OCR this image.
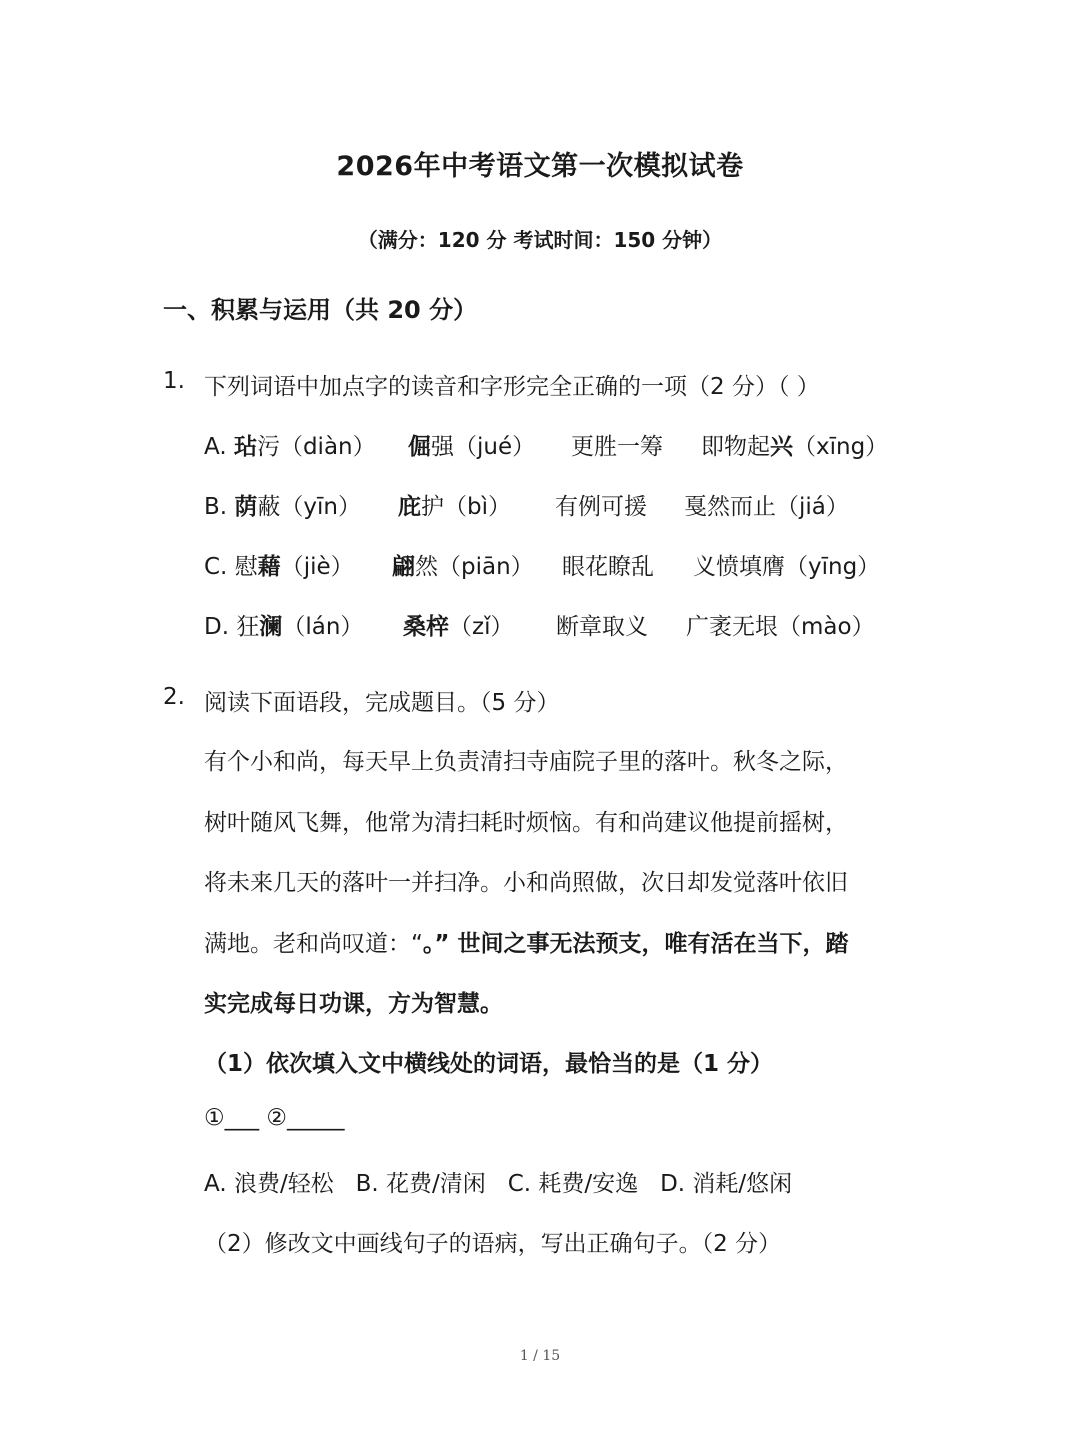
2026年中考语文第一次模拟试卷
（满分：120 分 考试时间：150 分钟）
一、积累与运用（共 20 分）
1. 下列词语中加点字的读音和字形完全正确的一项（2 分）（ ）
A. 玷污（diàn） 倔强（jué） 更胜一筹 即物起兴（xīng）
B. 荫蔽（yīn） 庇护（bì） 有例可援 戛然而止（jiá）
C. 慰藉（jiè） 翩然（piān） 眼花瞭乱 义愤填膺（yīng）
D. 狂澜（lán） 桑梓（zǐ） 断章取义 广袤无垠（mào）
2. 阅读下面语段，完成题目。（5 分）
有个小和尚，每天早上负责清扫寺庙院子里的落叶。秋冬之际，
树叶随风飞舞，他常为清扫耗时烦恼。有和尚建议他提前摇树，
将未来几天的落叶一并扫净。小和尚照做，次日却发觉落叶依旧
满地。老和尚叹道：“。” 世间之事无法预支，唯有活在当下，踏
实完成每日功课，方为智慧。
（1）依次填入文中横线处的词语，最恰当的是（1 分）
①___ ②_____
A. 浪费/轻松   B. 花费/清闲   C. 耗费/安逸   D. 消耗/悠闲
（2）修改文中画线句子的语病，写出正确句子。（2 分）
1 / 15
